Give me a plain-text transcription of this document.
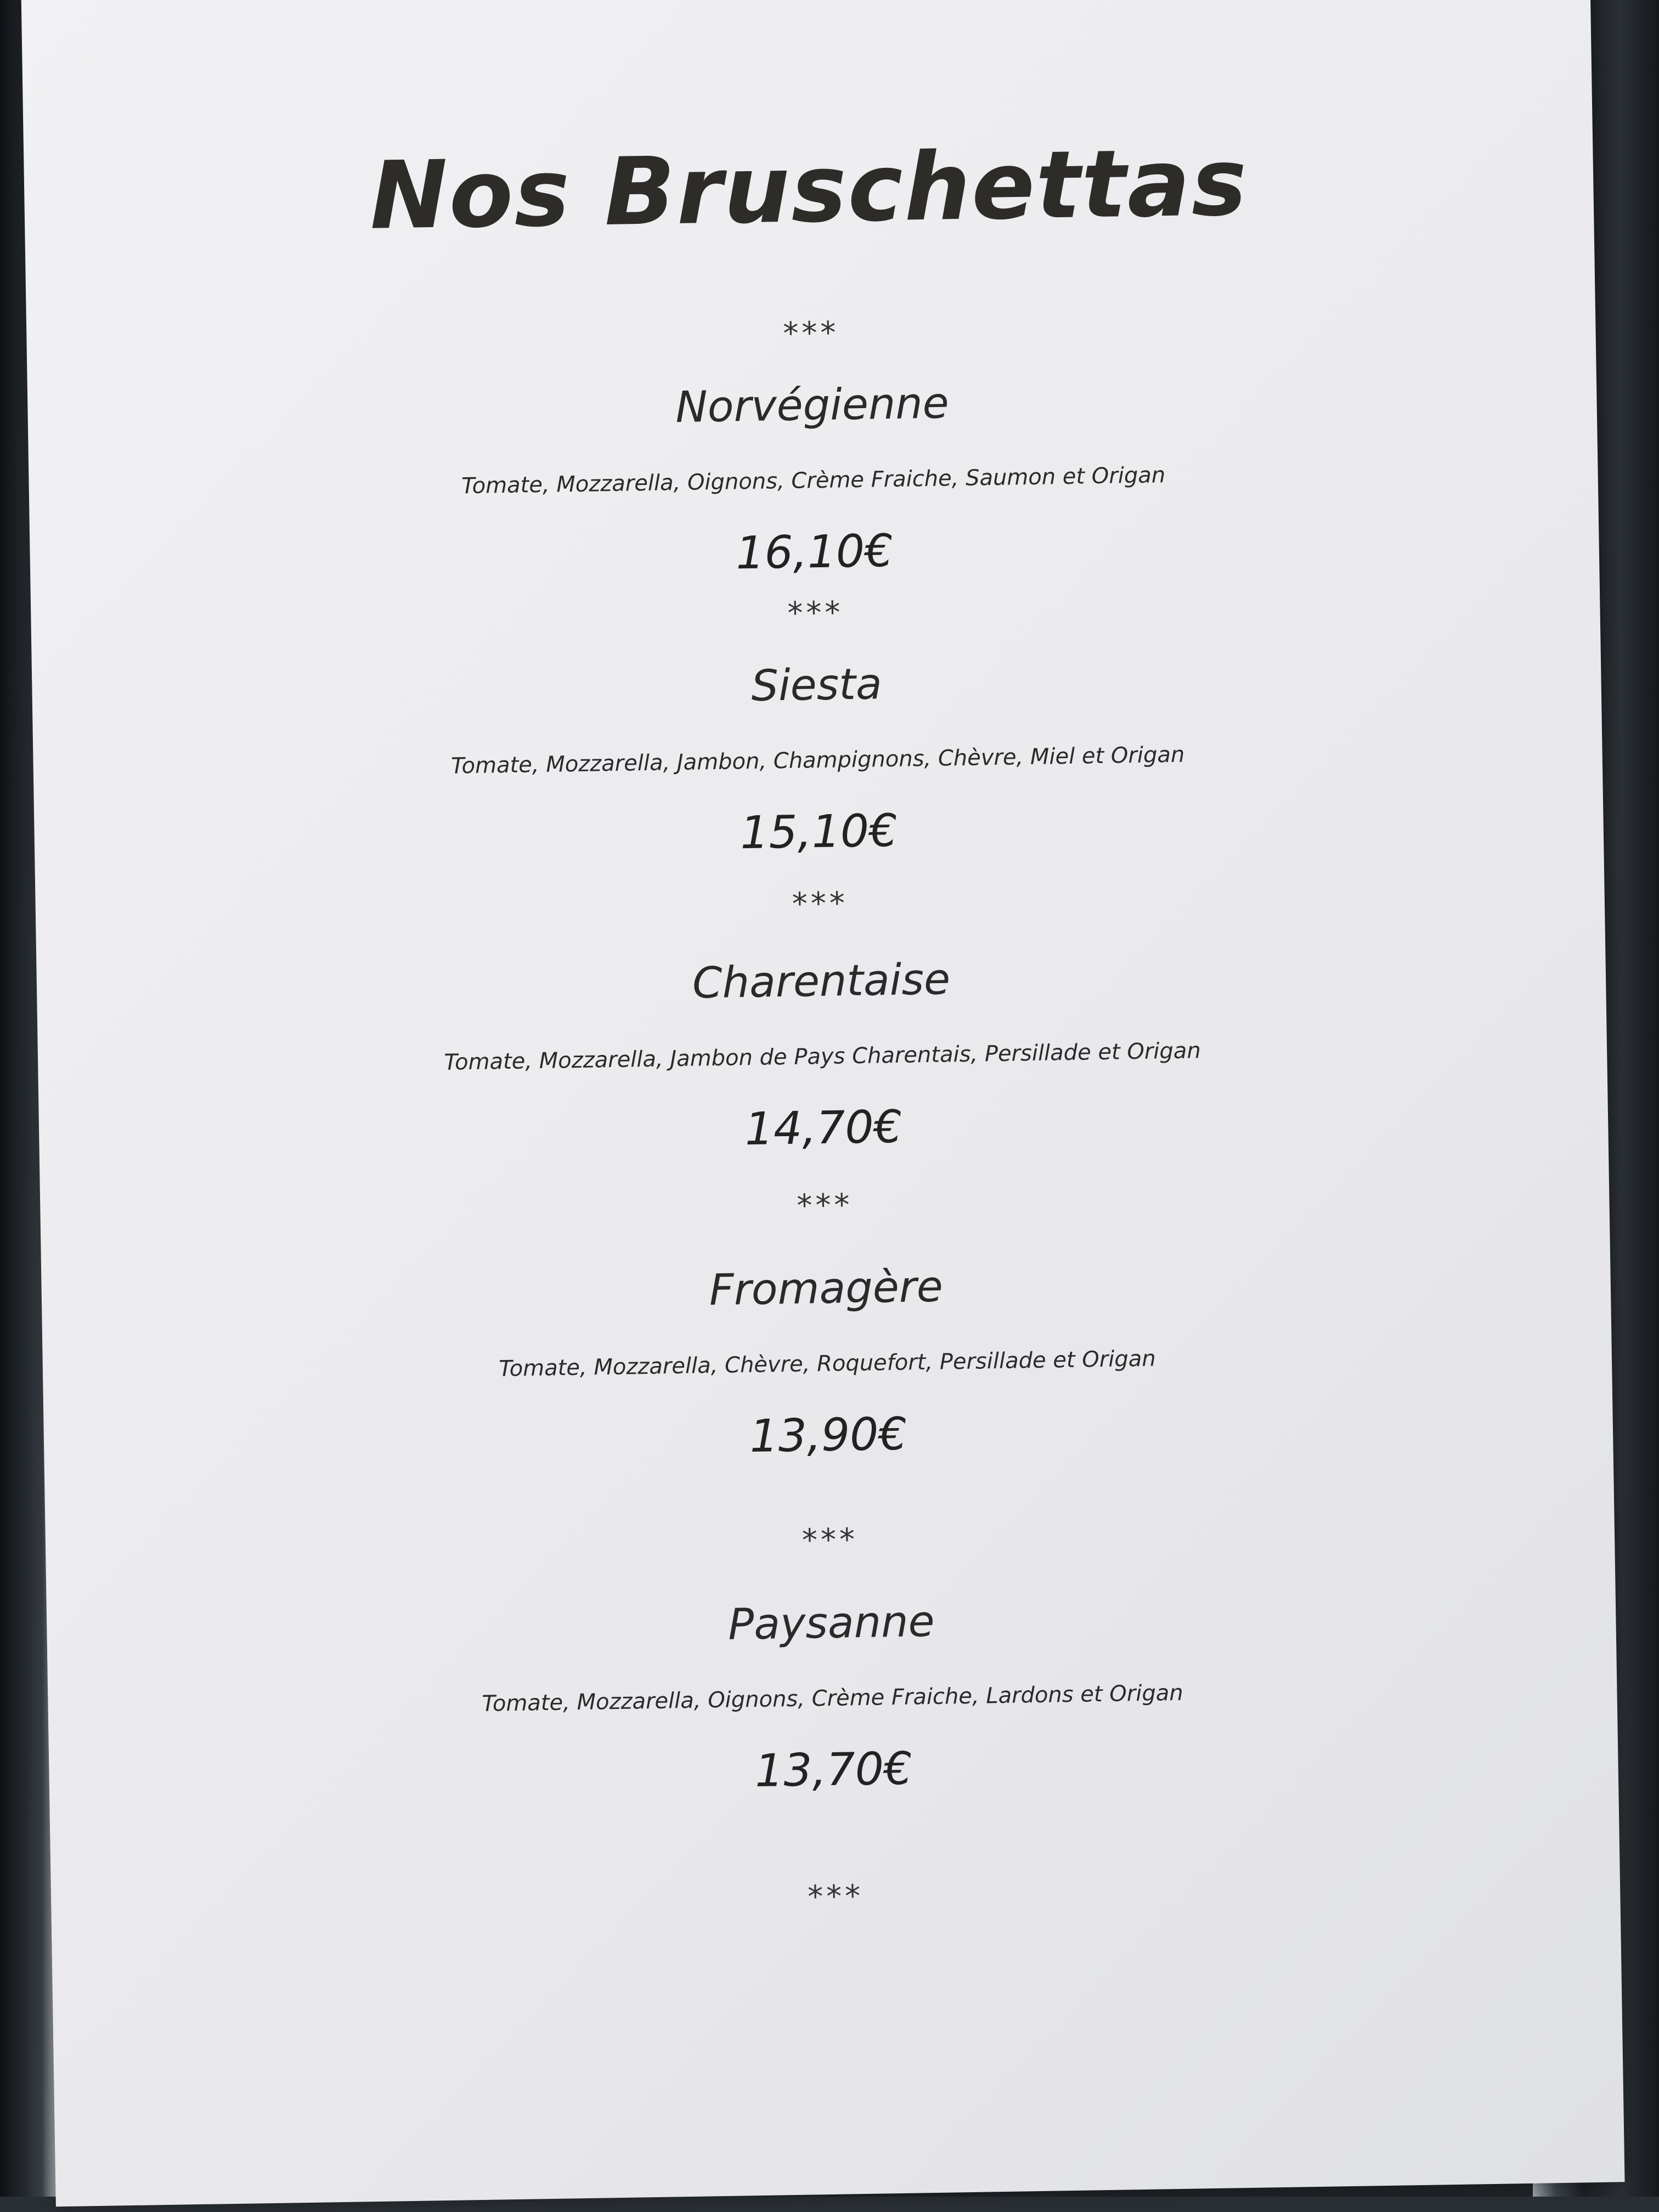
Nos Bruschettas
***
Norvégienne
Tomate, Mozzarella, Oignons, Crème Fraiche, Saumon et Origan
16,10€
***
Siesta
Tomate, Mozzarella, Jambon, Champignons, Chèvre, Miel et Origan
15,10€
***
Charentaise
Tomate, Mozzarella, Jambon de Pays Charentais, Persillade et Origan
14,70€
***
Fromagère
Tomate, Mozzarella, Chèvre, Roquefort, Persillade et Origan
13,90€
***
Paysanne
Tomate, Mozzarella, Oignons, Crème Fraiche, Lardons et Origan
13,70€
***
